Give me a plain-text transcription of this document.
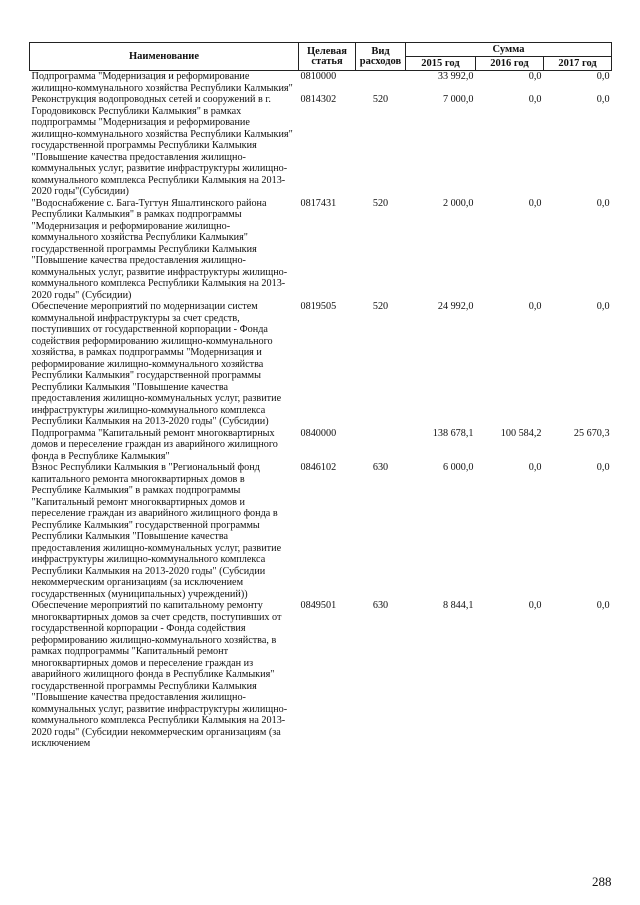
Наименование	Целевая статья	Вид расходов	Сумма		
			2015 год	2016 год	2017 год
Подпрограмма "Модернизация и реформирование жилищно-коммунального хозяйства Республики Калмыкия"	0810000		33 992,0	0,0	0,0
Реконструкция водопроводных сетей и сооружений в г. Городовиковск Республики Калмыкия" в рамках подпрограммы "Модернизация и реформирование жилищно-коммунального хозяйства Республики Калмыкия" государственной программы Республики Калмыкия "Повышение качества предоставления жилищно-коммунальных услуг, развитие инфраструктуры жилищно-коммунального комплекса Республики Калмыкия на 2013-2020 годы"(Субсидии)	0814302	520	7 000,0	0,0	0,0
"Водоснабжение с. Бага-Тугтун Яшалтинского района Республики Калмыкия" в рамках подпрограммы "Модернизация и реформирование жилищно-коммунального хозяйства Республики Калмыкия" государственной программы Республики Калмыкия "Повышение качества предоставления жилищно-коммунальных услуг, развитие инфраструктуры жилищно-коммунального комплекса Республики Калмыкия на 2013-2020 годы" (Субсидии)	0817431	520	2 000,0	0,0	0,0
Обеспечение мероприятий по модернизации систем коммунальной инфраструктуры за счет средств, поступивших от государственной корпорации - Фонда содействия реформированию жилищно-коммунального хозяйства, в рамках подпрограммы "Модернизация и реформирование жилищно-коммунального хозяйства Республики Калмыкия" государственной программы Республики Калмыкия "Повышение качества предоставления жилищно-коммунальных услуг, развитие инфраструктуры жилищно-коммунального комплекса Республики Калмыкия на 2013-2020 годы" (Субсидии)	0819505	520	24 992,0	0,0	0,0
Подпрограмма "Капитальный ремонт многоквартирных домов и переселение граждан из аварийного жилищного фонда в Республике Калмыкия"	0840000		138 678,1	100 584,2	25 670,3
Взнос Республики Калмыкия в "Региональный фонд капитального ремонта многоквартирных домов в Республике Калмыкия" в рамках подпрограммы "Капитальный ремонт многоквартирных домов и переселение граждан из аварийного жилищного фонда в Республике Калмыкия" государственной программы Республики Калмыкия "Повышение качества предоставления жилищно-коммунальных услуг, развитие инфраструктуры жилищно-коммунального комплекса Республики Калмыкия на 2013-2020 годы" (Субсидии некоммерческим организациям (за исключением государственных (муниципальных) учреждений))	0846102	630	6 000,0	0,0	0,0
Обеспечение мероприятий по капитальному ремонту многоквартирных домов за счет средств, поступивших от государственной корпорации - Фонда содействия реформированию жилищно-коммунального хозяйства, в рамках подпрограммы "Капитальный ремонт многоквартирных домов и переселение граждан из аварийного жилищного фонда в Республике Калмыкия" государственной программы Республики Калмыкия "Повышение качества предоставления жилищно-коммунальных услуг, развитие инфраструктуры жилищно-коммунального комплекса Республики Калмыкия на 2013-2020 годы" (Субсидии некоммерческим организациям (за исключением	0849501	630	8 844,1	0,0	0,0
288
